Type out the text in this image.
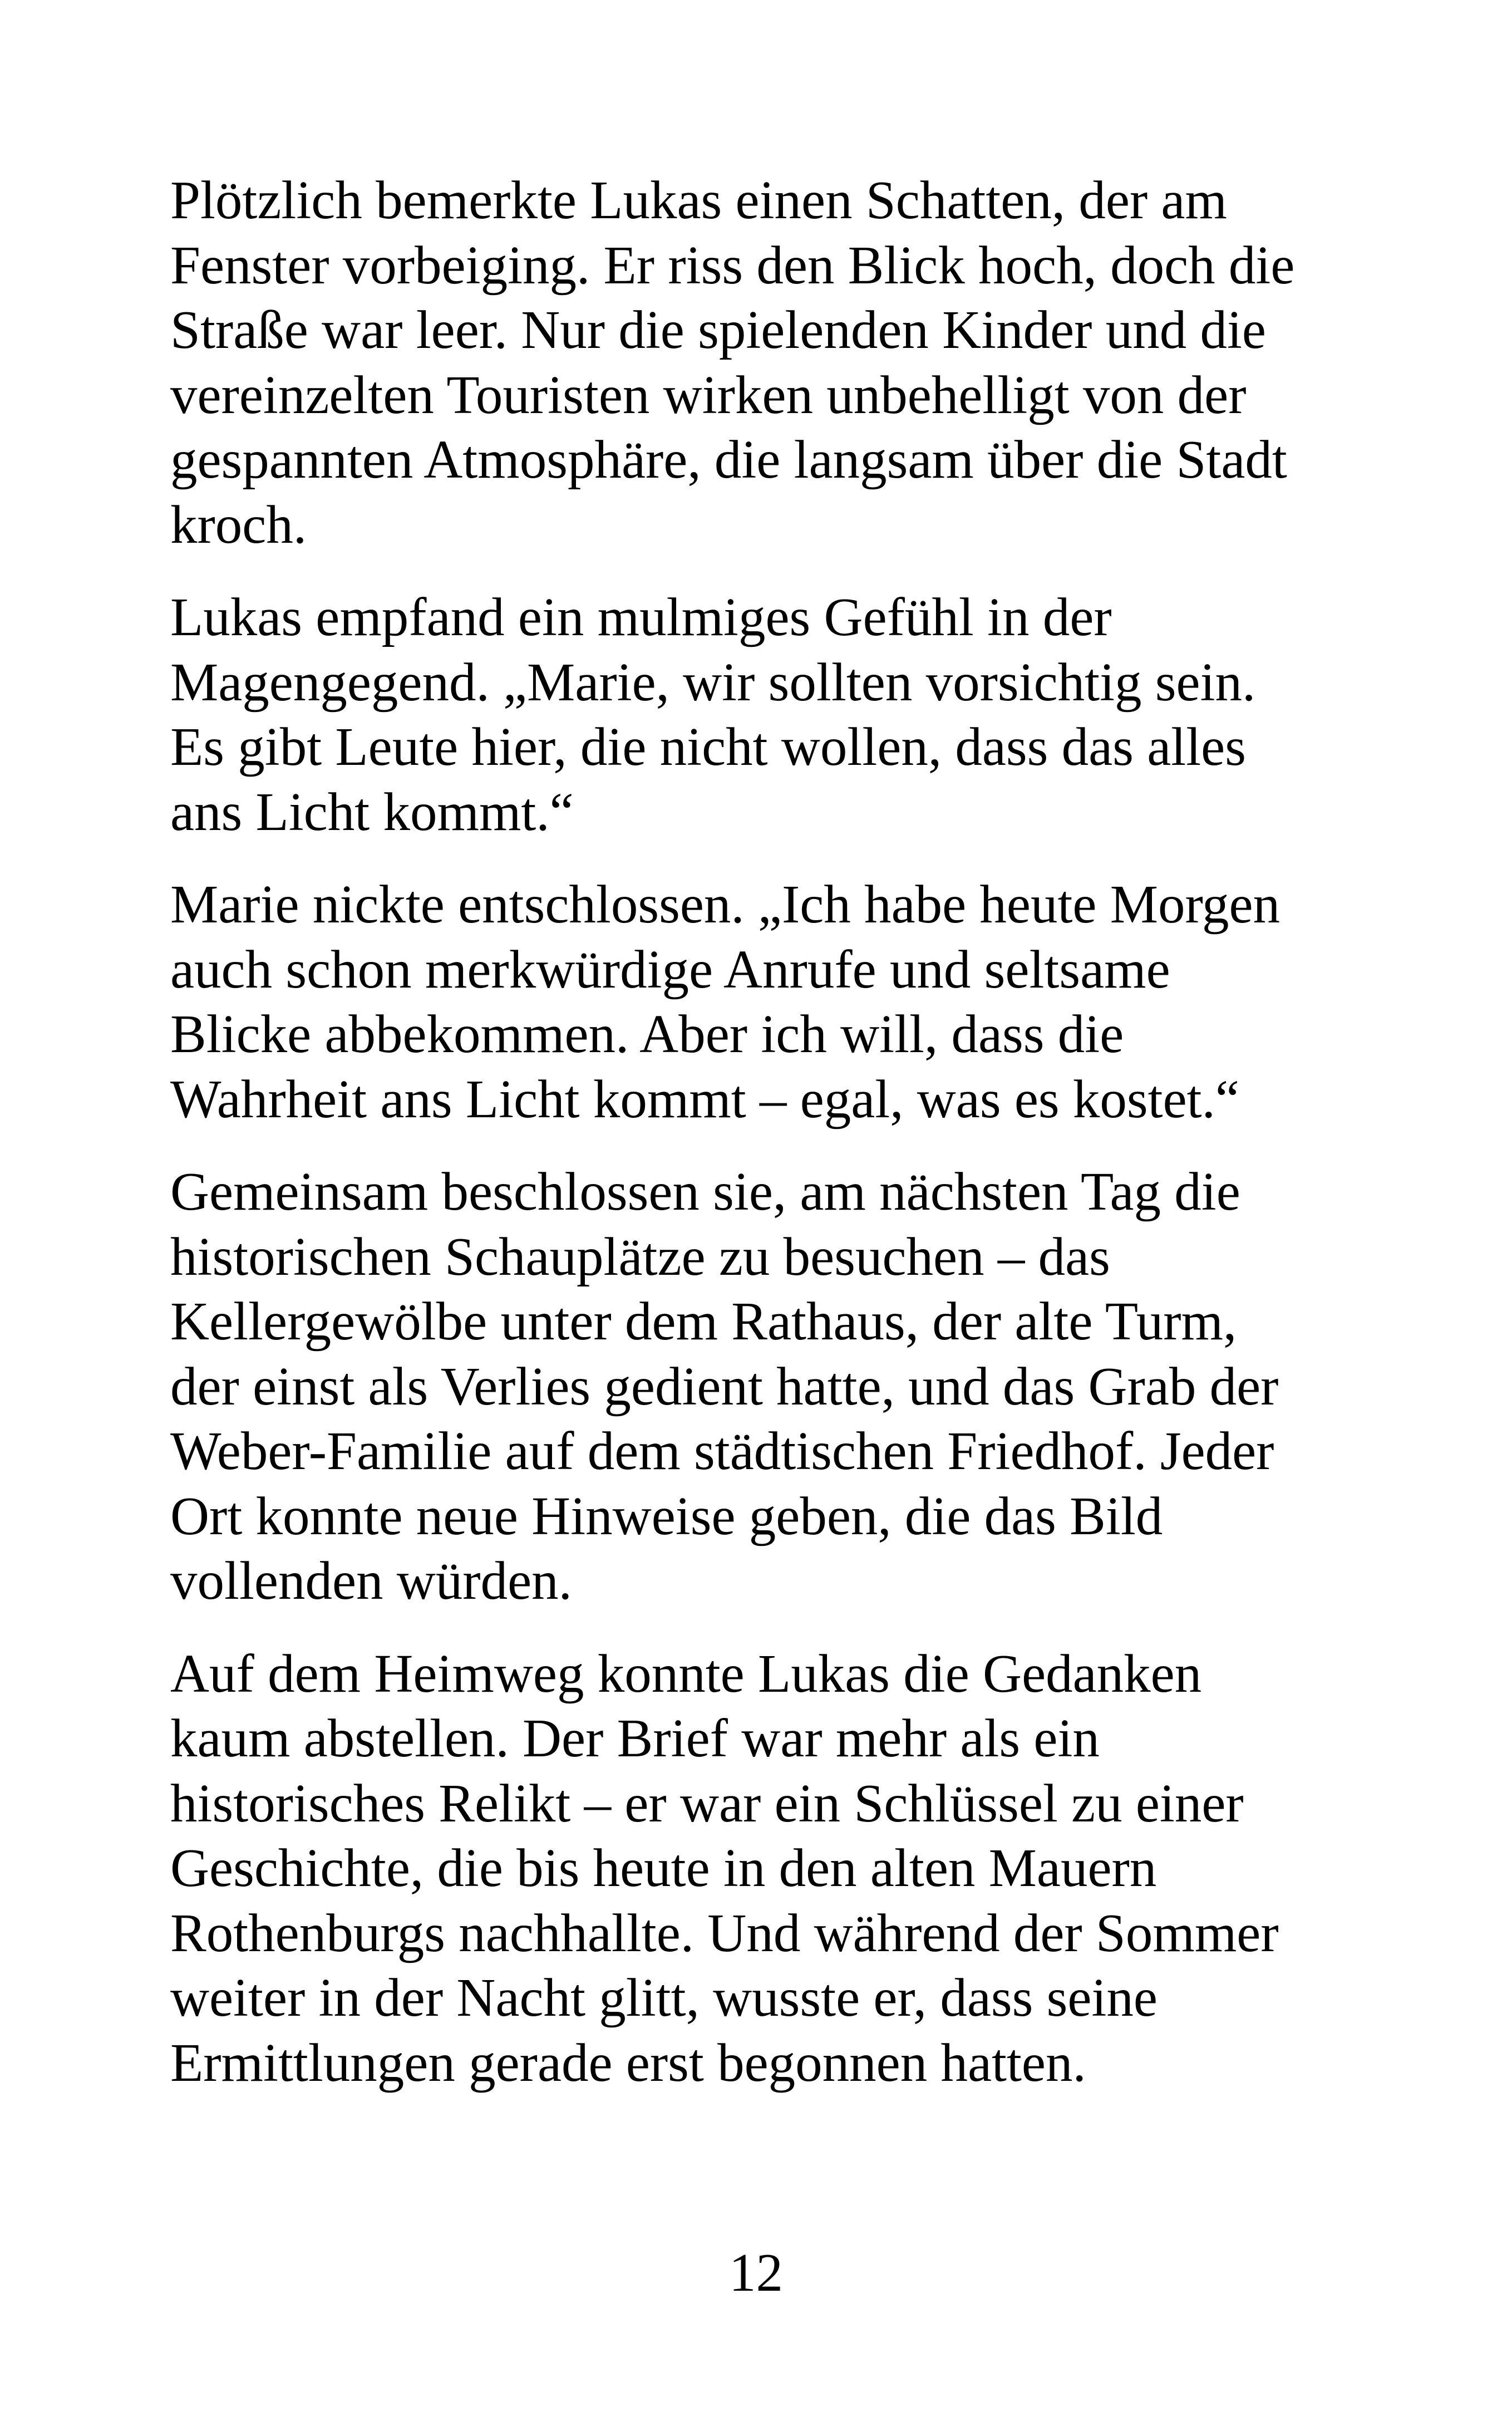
Plötzlich bemerkte Lukas einen Schatten, der am
Fenster vorbeiging. Er riss den Blick hoch, doch die
Straße war leer. Nur die spielenden Kinder und die
vereinzelten Touristen wirken unbehelligt von der
gespannten Atmosphäre, die langsam über die Stadt
kroch.

Lukas empfand ein mulmiges Gefühl in der
Magengegend. „Marie, wir sollten vorsichtig sein.
Es gibt Leute hier, die nicht wollen, dass das alles
ans Licht kommt.“

Marie nickte entschlossen. „Ich habe heute Morgen
auch schon merkwürdige Anrufe und seltsame
Blicke abbekommen. Aber ich will, dass die
Wahrheit ans Licht kommt – egal, was es kostet.“

Gemeinsam beschlossen sie, am nächsten Tag die
historischen Schauplätze zu besuchen – das
Kellergewölbe unter dem Rathaus, der alte Turm,
der einst als Verlies gedient hatte, und das Grab der
Weber-Familie auf dem städtischen Friedhof. Jeder
Ort konnte neue Hinweise geben, die das Bild
vollenden würden.

Auf dem Heimweg konnte Lukas die Gedanken
kaum abstellen. Der Brief war mehr als ein
historisches Relikt – er war ein Schlüssel zu einer
Geschichte, die bis heute in den alten Mauern
Rothenburgs nachhallte. Und während der Sommer
weiter in der Nacht glitt, wusste er, dass seine
Ermittlungen gerade erst begonnen hatten.

12
